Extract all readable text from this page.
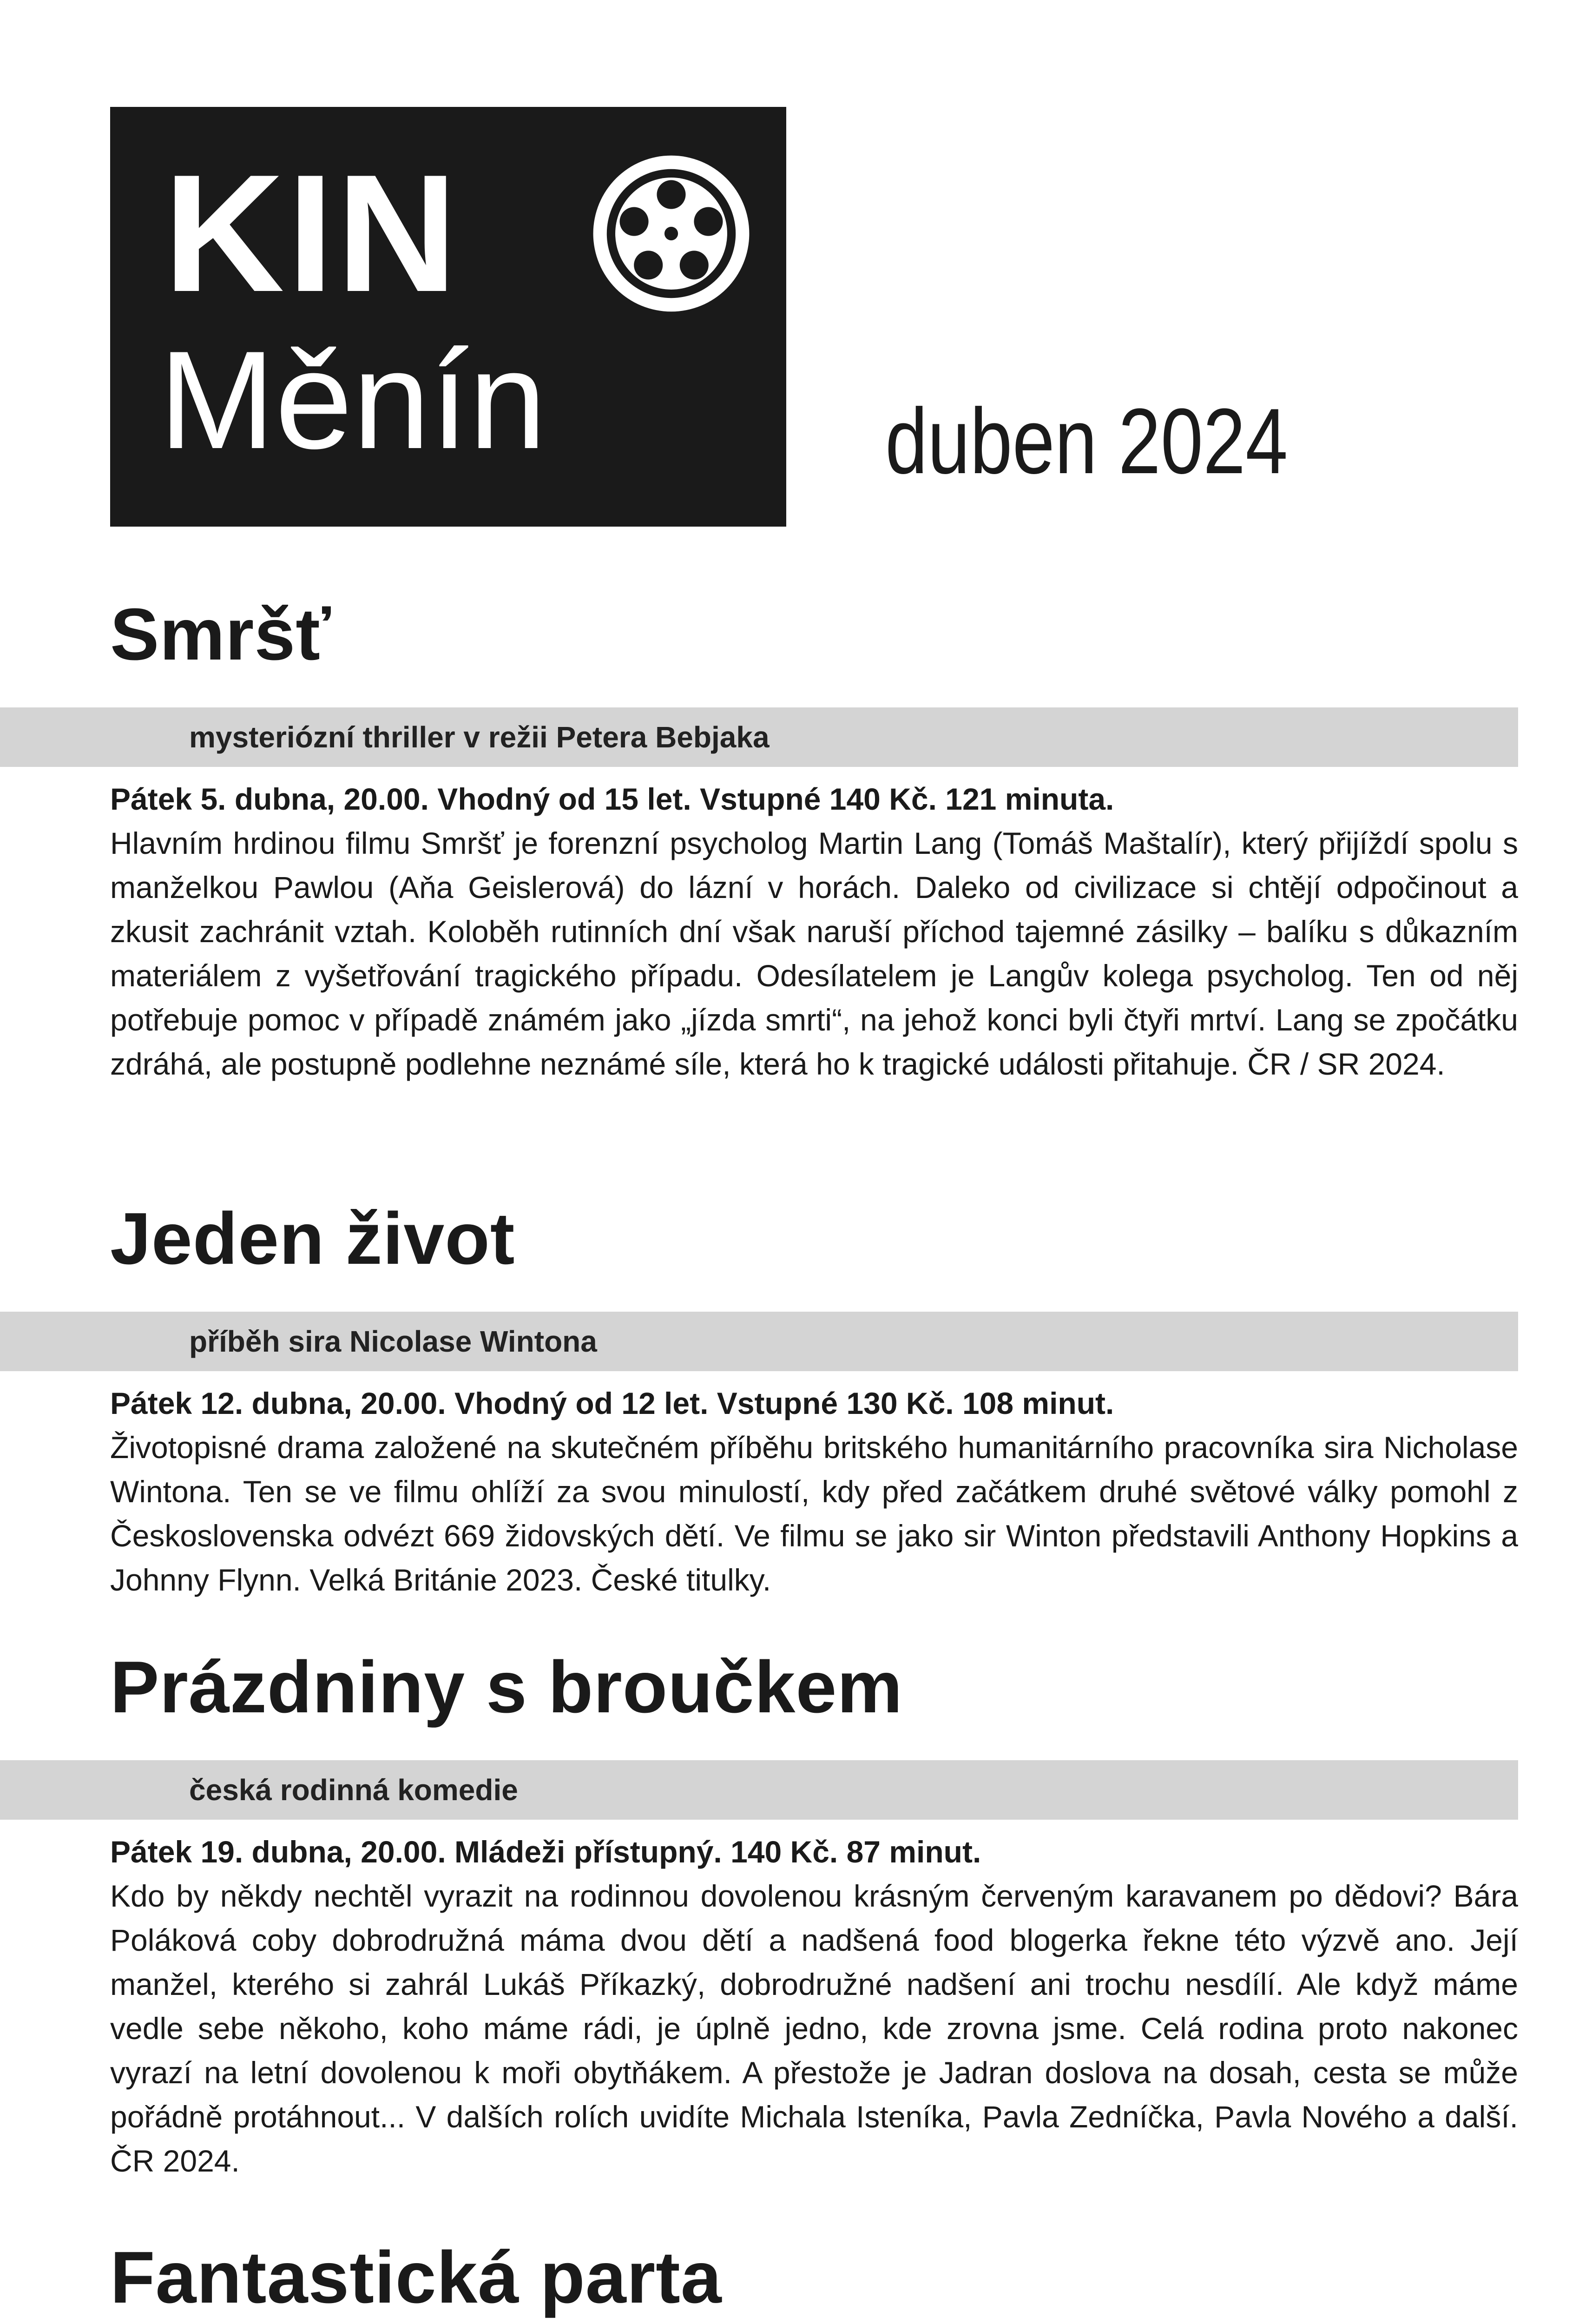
KIN
Měnín	duben 2024
Smršť
mysteriózní thriller v režii Petera Bebjaka
Pátek 5. dubna, 20.00. Vhodný od 15 let. Vstupné 140 Kč. 121 minuta.

Hlavním hrdinou filmu Smršť je forenzní psycholog Martin Lang (Tomáš Maštalír), který přijíždí spolu s manželkou Pawlou (Aňa Geislerová) do lázní v horách. Daleko od civilizace si chtějí odpočinout a zkusit zachránit vztah. Koloběh rutinních dní však naruší příchod tajemné zásilky – balíku s důkazním materiálem z vyšetřování tragického případu. Odesílatelem je Langův kolega psycholog. Ten od něj potřebuje pomoc v případě známém jako „jízda smrti“, na jehož konci byli čtyři mrtví. Lang se zpočátku zdráhá, ale postupně podlehne neznámé síle, která ho k tragické události přitahuje. ČR / SR 2024.

Jeden život
příběh sira Nicolase Wintona
Pátek 12. dubna, 20.00. Vhodný od 12 let. Vstupné 130 Kč. 108 minut.

Životopisné drama založené na skutečném příběhu britského humanitárního pracovníka sira Nicholase Wintona. Ten se ve filmu ohlíží za svou minulostí, kdy před začátkem druhé světové války pomohl z Československa odvézt 669 židovských dětí. Ve filmu se jako sir Winton představili Anthony Hopkins a Johnny Flynn. Velká Británie 2023. České titulky.

Prázdniny s broučkem
česká rodinná komedie
Pátek 19. dubna, 20.00. Mládeži přístupný. 140 Kč. 87 minut.

Kdo by někdy nechtěl vyrazit na rodinnou dovolenou krásným červeným karavanem po dědovi? Bára Poláková coby dobrodružná máma dvou dětí a nadšená food blogerka řekne této výzvě ano. Její manžel, kterého si zahrál Lukáš Příkazký, dobrodružné nadšení ani trochu nesdílí. Ale když máme vedle sebe někoho, koho máme rádi, je úplně jedno, kde zrovna jsme. Celá rodina proto nakonec vyrazí na letní dovolenou k moři obytňákem. A přestože je Jadran doslova na dosah, cesta se může pořádně protáhnout... V dalších rolích uvidíte Michala Isteníka, Pavla Zedníčka, Pavla Nového a další. ČR 2024.

Fantastická parta
